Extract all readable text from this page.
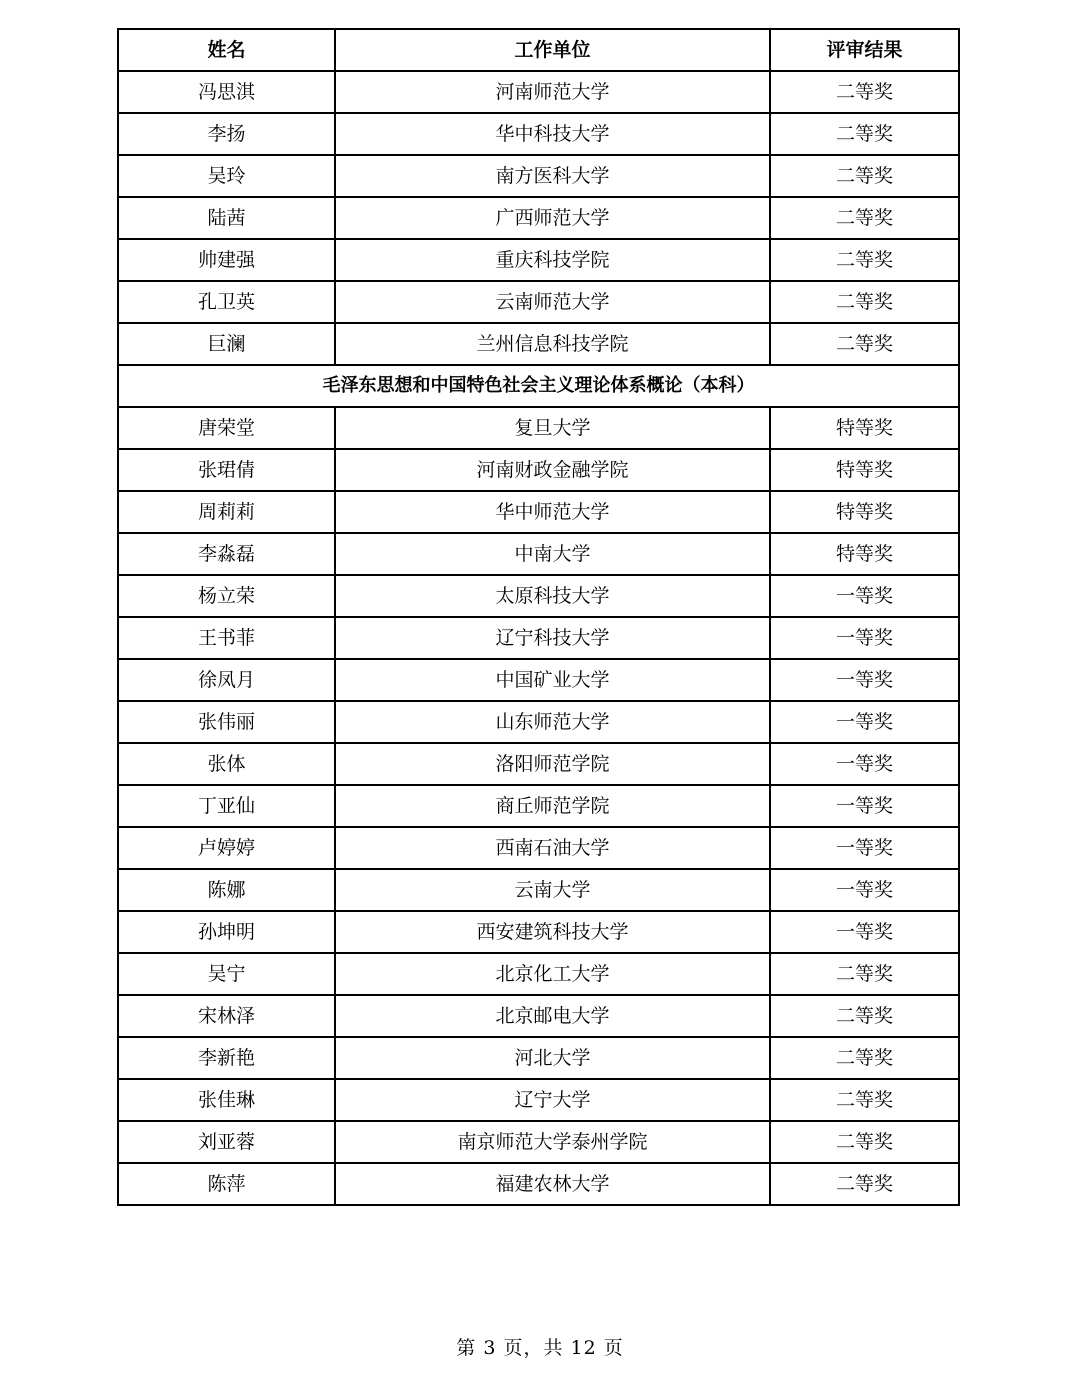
姓名	工作单位	评审结果
冯思淇	河南师范大学	二等奖
李扬	华中科技大学	二等奖
吴玲	南方医科大学	二等奖
陆茜	广西师范大学	二等奖
帅建强	重庆科技学院	二等奖
孔卫英	云南师范大学	二等奖
巨澜	兰州信息科技学院	二等奖
毛泽东思想和中国特色社会主义理论体系概论（本科）		
唐荣堂	复旦大学	特等奖
张珺倩	河南财政金融学院	特等奖
周莉莉	华中师范大学	特等奖
李淼磊	中南大学	特等奖
杨立荣	太原科技大学	一等奖
王书菲	辽宁科技大学	一等奖
徐凤月	中国矿业大学	一等奖
张伟丽	山东师范大学	一等奖
张体	洛阳师范学院	一等奖
丁亚仙	商丘师范学院	一等奖
卢婷婷	西南石油大学	一等奖
陈娜	云南大学	一等奖
孙坤明	西安建筑科技大学	一等奖
吴宁	北京化工大学	二等奖
宋林泽	北京邮电大学	二等奖
李新艳	河北大学	二等奖
张佳琳	辽宁大学	二等奖
刘亚蓉	南京师范大学泰州学院	二等奖
陈萍	福建农林大学	二等奖
第 3 页，共 12 页
